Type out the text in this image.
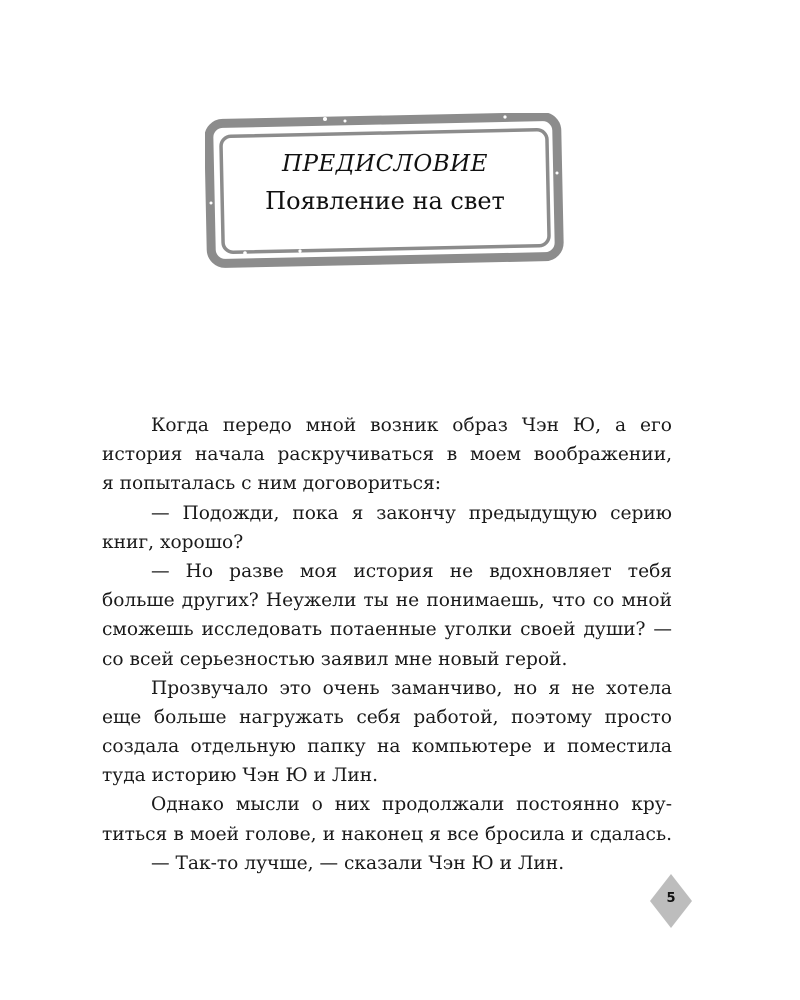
ПРЕДИСЛОВИЕ
Появление на свет
Когда передо мной возник образ Чэн Ю, а его
история начала раскручиваться в моем воображении,
я попыталась с ним договориться:
— Подожди, пока я закончу предыдущую серию
книг, хорошо?
— Но разве моя история не вдохновляет тебя
больше других? Неужели ты не понимаешь, что со мной
сможешь исследовать потаенные уголки своей души? —
со всей серьезностью заявил мне новый герой.
Прозвучало это очень заманчиво, но я не хотела
еще больше нагружать себя работой, поэтому просто
создала отдельную папку на компьютере и поместила
туда историю Чэн Ю и Лин.
Однако мысли о них продолжали постоянно кру-
титься в моей голове, и наконец я все бросила и сдалась.
— Так-то лучше, — сказали Чэн Ю и Лин.
5
